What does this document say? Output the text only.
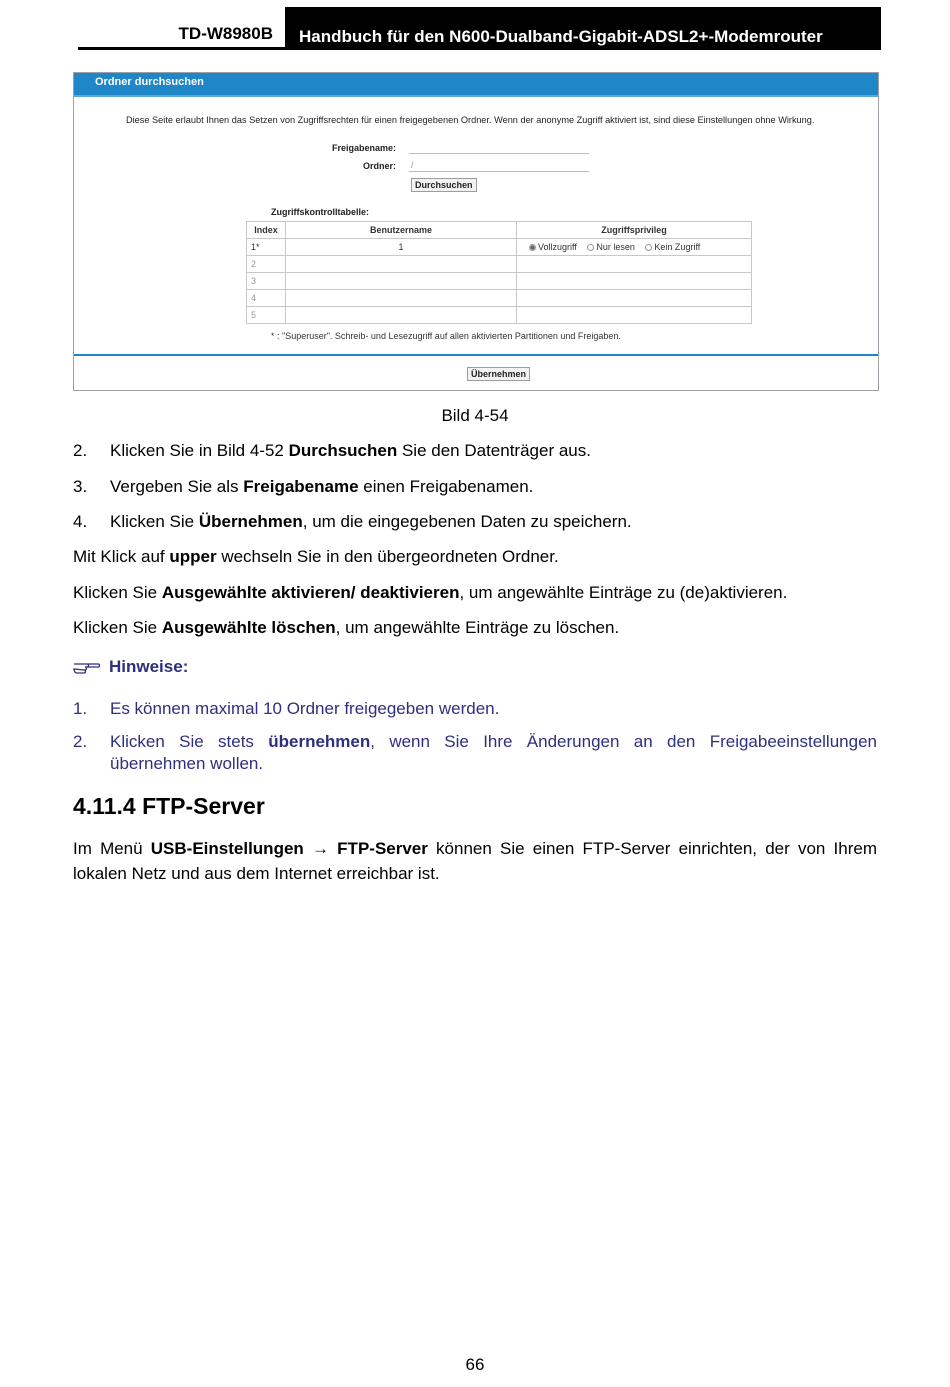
TD-W8980B	Handbuch für den N600-Dualband-Gigabit-ADSL2+-Modemrouter
Ordner durchsuchen
Diese Seite erlaubt Ihnen das Setzen von Zugriffsrechten für einen freigegebenen Ordner. Wenn der anonyme Zugriff aktiviert ist, sind diese Einstellungen ohne Wirkung.
Freigabename:
Ordner:
/
Durchsuchen
Zugriffskontrolltabelle:
Index	Benutzername	Zugriffsprivileg
1*	1	Vollzugriff Nur lesen Kein Zugriff
2		
3		
4		
5		
* : "Superuser". Schreib- und Lesezugriff auf allen aktivierten Partitionen und Freigaben.
Übernehmen
Bild 4-54
2. Klicken Sie in Bild 4-52 Durchsuchen Sie den Datenträger aus.
3. Vergeben Sie als Freigabename einen Freigabenamen.
4. Klicken Sie Übernehmen, um die eingegebenen Daten zu speichern.
Mit Klick auf upper wechseln Sie in den übergeordneten Ordner.
Klicken Sie Ausgewählte aktivieren/ deaktivieren, um angewählte Einträge zu (de)aktivieren.
Klicken Sie Ausgewählte löschen, um angewählte Einträge zu löschen.
Hinweise:
1. Es können maximal 10 Ordner freigegeben werden.
2. Klicken Sie stets übernehmen, wenn Sie Ihre Änderungen an den Freigabeeinstellungen übernehmen wollen.
4.11.4 FTP-Server
Im Menü USB-Einstellungen → FTP-Server können Sie einen FTP-Server einrichten, der von Ihrem lokalen Netz und aus dem Internet erreichbar ist.
66
